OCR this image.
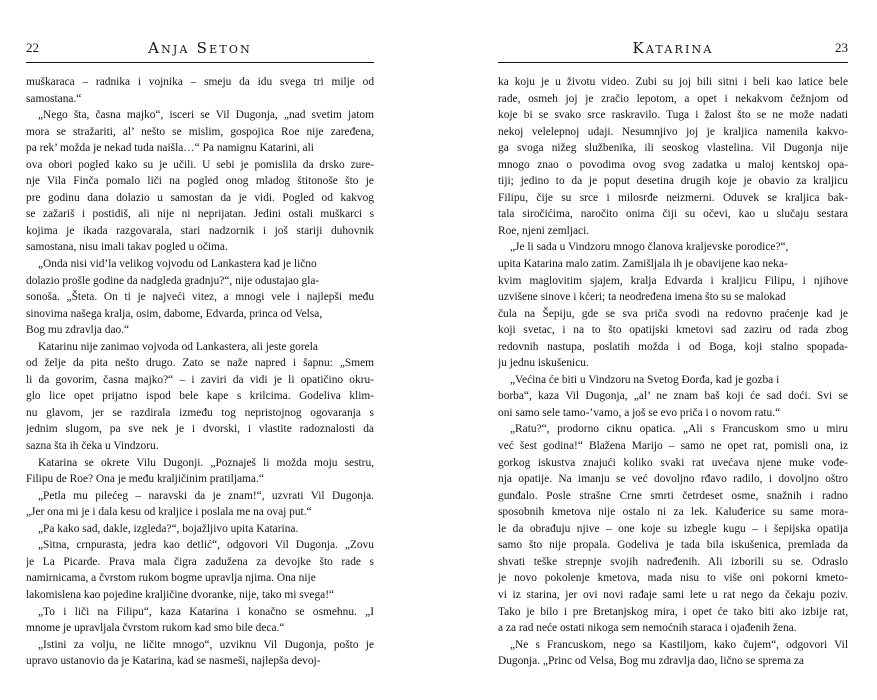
22	Anja Seton
muškaraca – radnika i vojnika – smeju da idu svega tri milje od
samostana.“
„Nego šta, časna majko“, isceri se Vil Dugonja, „nad svetim jatom
mora se stražariti, al’ nešto se mislim, gospojica Roe nije zaređena,
pa rek’ možda je nekad tuda naišla…“ Pa namignu Katarini, ali
ova obori pogled kako su je učili. U sebi je pomislila da drsko zure-
nje Vila Finča pomalo liči na pogled onog mladog štitonoše što je
pre godinu dana dolazio u samostan da je vidi. Pogled od kakvog
se zažariš i postidiš, ali nije ni neprijatan. Jedini ostali muškarci s
kojima je ikada razgovarala, stari nadzornik i još stariji duhovnik
samostana, nisu imali takav pogled u očima.
„Onda nisi vid’la velikog vojvodu od Lankastera kad je lično
dolazio prošle godine da nadgleda gradnju?“, nije odustajao gla-
sonoša. „Šteta. On ti je najveći vitez, a mnogi vele i najlepši među
sinovima našega kralja, osim, dabome, Edvarda, princa od Velsa,
Bog mu zdravlja dao.“
Katarinu nije zanimao vojvoda od Lankastera, ali jeste gorela
od želje da pita nešto drugo. Zato se naže napred i šapnu: „Smem
li da govorim, časna majko?“ – i zaviri da vidi je li opatičino okru-
glo lice opet prijatno ispod bele kape s krilcima. Godeliva klim-
nu glavom, jer se razdirala između tog nepristojnog ogovaranja s
jednim slugom, pa sve nek je i dvorski, i vlastite radoznalosti da
sazna šta ih čeka u Vindzoru.
Katarina se okrete Vilu Dugonji. „Poznaješ li možda moju sestru,
Filipu de Roe? Ona je među kraljičinim pratiljama.“
„Petla mu pilećeg – naravski da je znam!“, uzvrati Vil Dugonja.
„Jer ona mi je i dala kesu od kraljice i poslala me na ovaj put.“
„Pa kako sad, dakle, izgleda?“, bojažljivo upita Katarina.
„Sitna, crnpurasta, jedra kao detlić“, odgovori Vil Dugonja. „Zovu
je La Picarde. Prava mala čigra zadužena za devojke što rade s
namirnicama, a čvrstom rukom bogme upravlja njima. Ona nije
lakomislena kao pojedine kraljičine dvoranke, nije, tako mi svega!“
„To i liči na Filipu“, kaza Katarina i konačno se osmehnu. „I
mnome je upravljala čvrstom rukom kad smo bile deca.“
„Istini za volju, ne ličite mnogo“, uzviknu Vil Dugonja, pošto je
upravo ustanovio da je Katarina, kad se nasmeši, najlepša devoj-
Katarina	23
ka koju je u životu video. Zubi su joj bili sitni i beli kao latice bele
rade, osmeh joj je zračio lepotom, a opet i nekakvom čežnjom od
koje bi se svako srce raskravilo. Tuga i žalost što se ne može nadati
nekoj velelepnoj udaji. Nesumnjivo joj je kraljica namenila kakvo-
ga svoga nižeg službenika, ili seoskog vlastelina. Vil Dugonja nije
mnogo znao o povodima ovog svog zadatka u maloj kentskoj opa-
tiji; jedino to da je poput desetina drugih koje je obavio za kraljicu
Filipu, čije su srce i milosrđe neizmerni. Oduvek se kraljica bak-
tala siročićima, naročito onima čiji su očevi, kao u slučaju sestara
Roe, njeni zemljaci.
„Je li sada u Vindzoru mnogo članova kraljevske porodice?“,
upita Katarina malo zatim. Zamišljala ih je obavijene kao neka-
kvim maglovitim sjajem, kralja Edvarda i kraljicu Filipu, i njihove
uzvišene sinove i kćeri; ta neodređena imena što su se malokad
čula na Šepiju, gde se sva priča svodi na redovno praćenje kad je
koji svetac, i na to što opatijski kmetovi sad zaziru od rada zbog
redovnih nastupa, poslatih možda i od Boga, koji stalno spopada-
ju jednu iskušenicu.
„Većina će biti u Vindzoru na Svetog Đorđa, kad je gozba i
borba“, kaza Vil Dugonja, „al’ ne znam baš koji će sad doći. Svi se
oni samo sele tamo-’vamo, a još se evo priča i o novom ratu.“
„Ratu?“, prodorno ciknu opatica. „Ali s Francuskom smo u miru
već šest godina!“ Blažena Marijo – samo ne opet rat, pomisli ona, iz
gorkog iskustva znajući koliko svaki rat uvećava njene muke vođe-
nja opatije. Na imanju se već dovoljno rđavo radilo, i dovoljno oštro
gunđalo. Posle strašne Crne smrti četrdeset osme, snažnih i radno
sposobnih kmetova nije ostalo ni za lek. Kaluđerice su same mora-
le da obrađuju njive – one koje su izbegle kugu – i šepijska opatija
samo što nije propala. Godeliva je tada bila iskušenica, premlada da
shvati teške strepnje svojih nadređenih. Ali izborili su se. Odraslo
je novo pokolenje kmetova, mada nisu to više oni pokorni kmeto-
vi iz starina, jer ovi novi rađaje sami lete u rat nego da čekaju poziv.
Tako je bilo i pre Bretanjskog mira, i opet će tako biti ako izbije rat,
a za rad neće ostati nikoga sem nemoćnih staraca i ojađenih žena.
„Ne s Francuskom, nego sa Kastiljom, kako čujem“, odgovori Vil
Dugonja. „Princ od Velsa, Bog mu zdravlja dao, lično se sprema za
